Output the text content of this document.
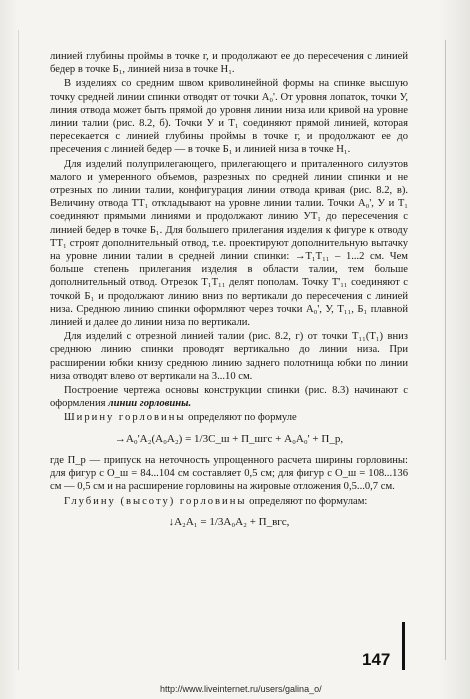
линией глубины проймы в точке г, и продолжают ее до пересечения с линией бедер в точке Б₁, линией низа в точке Н₁.

В изделиях со средним швом криволинейной формы на спинке высшую точку средней линии спинки отводят от точки А₀'. От уровня лопаток, точки У, линия отвода может быть прямой до уровня линии низа или кривой на уровне линии талии (рис. 8.2, б). Точки У и Т₁ соединяют прямой линией, которая пересекается с линией глубины проймы в точке г, и продолжают ее до пресечения с линией бедер — в точке Б₁ и линией низа в точке Н₁.

Для изделий полуприлегающего, прилегающего и приталенного силуэтов малого и умеренного объемов, разрезных по средней линии спинки и не отрезных по линии талии, конфигурация линии отвода кривая (рис. 8.2, в). Величину отвода ТТ₁ откладывают на уровне линии талии. Точки А₀', У и Т₁ соединяют прямыми линиями и продолжают линию УТ₁ до пересечения с линией бедер в точке Б₁. Для большего прилегания изделия к фигуре к отводу ТТ₁ строят дополнительный отвод, т.е. проектируют дополнительную вытачку на уровне линии талии в средней линии спинки: →Т₁Т₁₁ – 1...2 см. Чем больше степень прилегания изделия в области талии, тем больше дополнительный отвод. Отрезок Т₁Т₁₁ делят пополам. Точку Т'₁₁ соединяют с точкой Б₁ и продолжают линию вниз по вертикали до пересечения с линией низа. Среднюю линию спинки оформляют через точки А₀', У, Т₁₁, Б₁ плавной линией и далее до линии низа по вертикали.

Для изделий с отрезной линией талии (рис. 8.2, г) от точки Т₁₁(Т₁) вниз среднюю линию спинки проводят вертикально до линии низа. При расширении юбки книзу среднюю линию заднего полотнища юбки по линии низа отводят влево от вертикали на 3...10 см.

Построение чертежа основы конструкции спинки (рис. 8.3) начинают с оформления линии горловины.

Ширину горловины определяют по формуле

→А₀'А₂(А₀А₂) = 1/3С_ш + П_шгс + А₀А₀' + П_р,

где П_р — припуск на неточность упрощенного расчета ширины горловины: для фигур с О_ш = 84...104 см составляет 0,5 см; для фигур с О_ш = 108...136 см — 0,5 см и на расширение горловины на жировые отложения 0,5...0,7 см.

Глубину (высоту) горловины определяют по формулам:

↓А₂А₁ = 1/3А₀А₂ + П_вгс,
147
http://www.liveinternet.ru/users/galina_o/
